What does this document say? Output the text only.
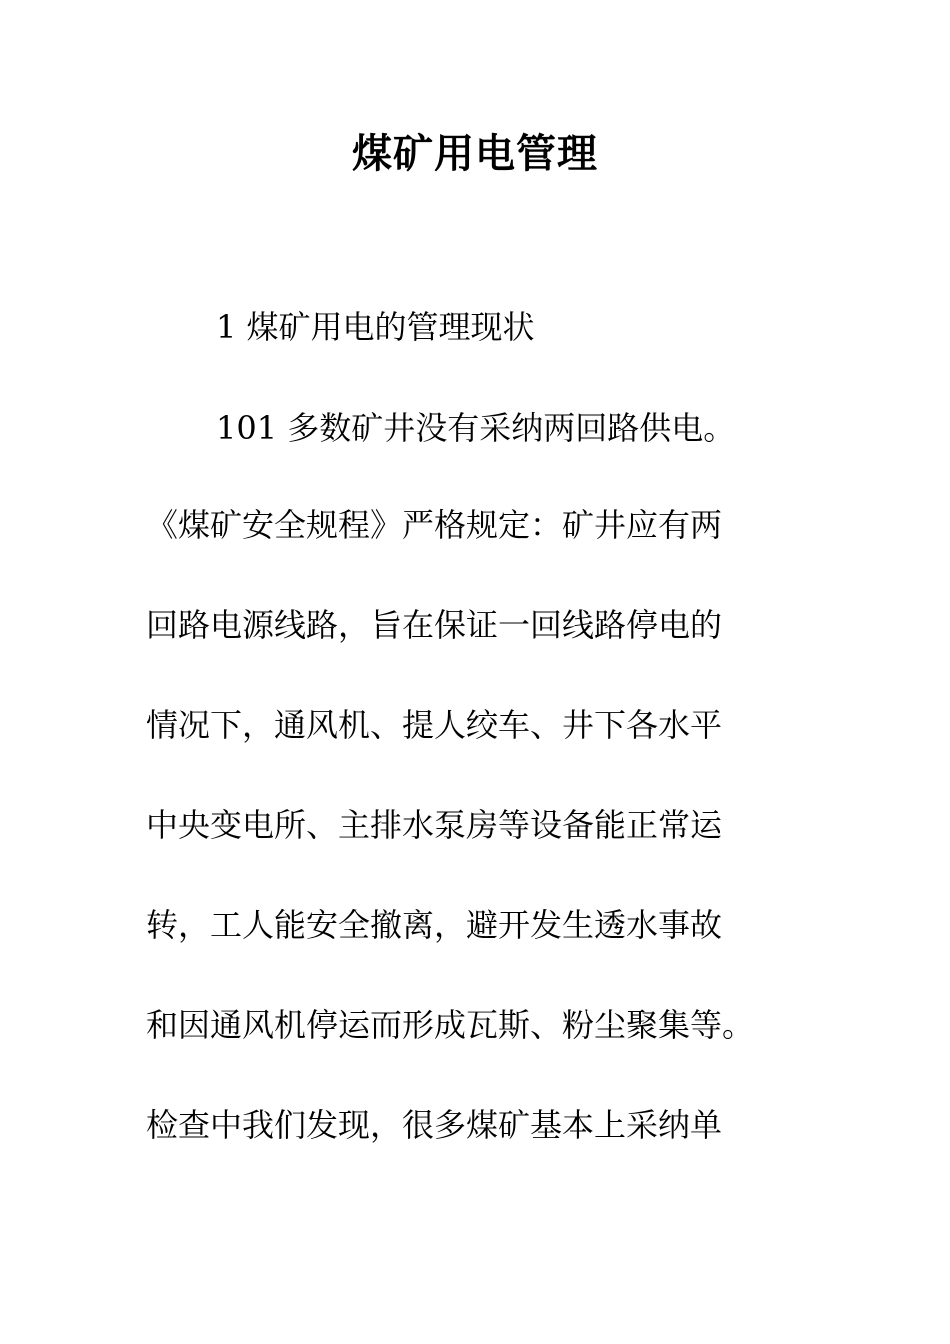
煤矿用电管理

1 煤矿用电的管理现状

101 多数矿井没有采纳两回路供电。

《煤矿安全规程》严格规定：矿井应有两

回路电源线路，旨在保证一回线路停电的

情况下，通风机、提人绞车、井下各水平

中央变电所、主排水泵房等设备能正常运

转，工人能安全撤离，避开发生透水事故

和因通风机停运而形成瓦斯、粉尘聚集等。

检查中我们发现，很多煤矿基本上采纳单
